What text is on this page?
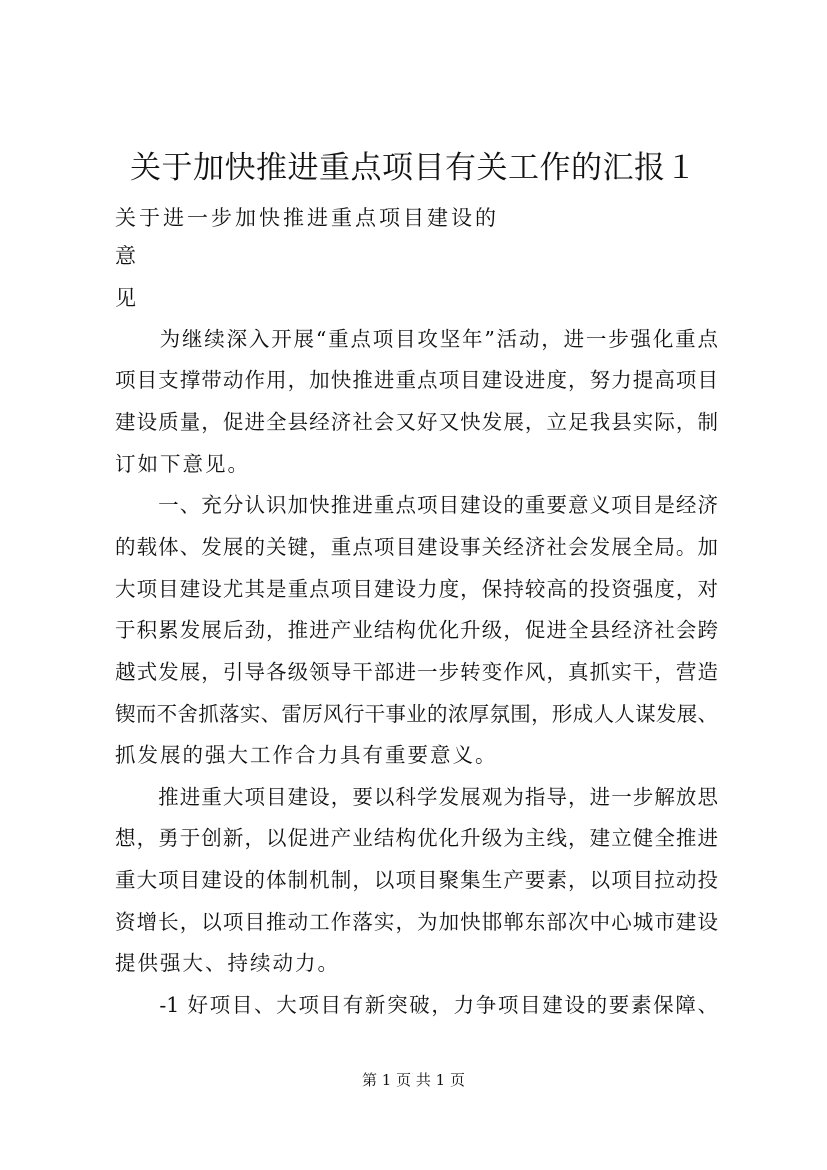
关于加快推进重点项目有关工作的汇报１
关于进一步加快推进重点项目建设的
意
见
　　为继续深入开展“重点项目攻坚年”活动，进一步强化重点
项目支撑带动作用，加快推进重点项目建设进度，努力提高项目
建设质量，促进全县经济社会又好又快发展，立足我县实际，制
订如下意见。
　　一、充分认识加快推进重点项目建设的重要意义项目是经济
的载体、发展的关键，重点项目建设事关经济社会发展全局。加
大项目建设尤其是重点项目建设力度，保持较高的投资强度，对
于积累发展后劲，推进产业结构优化升级，促进全县经济社会跨
越式发展，引导各级领导干部进一步转变作风，真抓实干，营造
锲而不舍抓落实、雷厉风行干事业的浓厚氛围，形成人人谋发展、
抓发展的强大工作合力具有重要意义。
　　推进重大项目建设，要以科学发展观为指导，进一步解放思
想，勇于创新，以促进产业结构优化升级为主线，建立健全推进
重大项目建设的体制机制，以项目聚集生产要素，以项目拉动投
资增长，以项目推动工作落实，为加快邯郸东部次中心城市建设
提供强大、持续动力。
　　-1 好项目、大项目有新突破，力争项目建设的要素保障、
第 1 页 共 1 页
